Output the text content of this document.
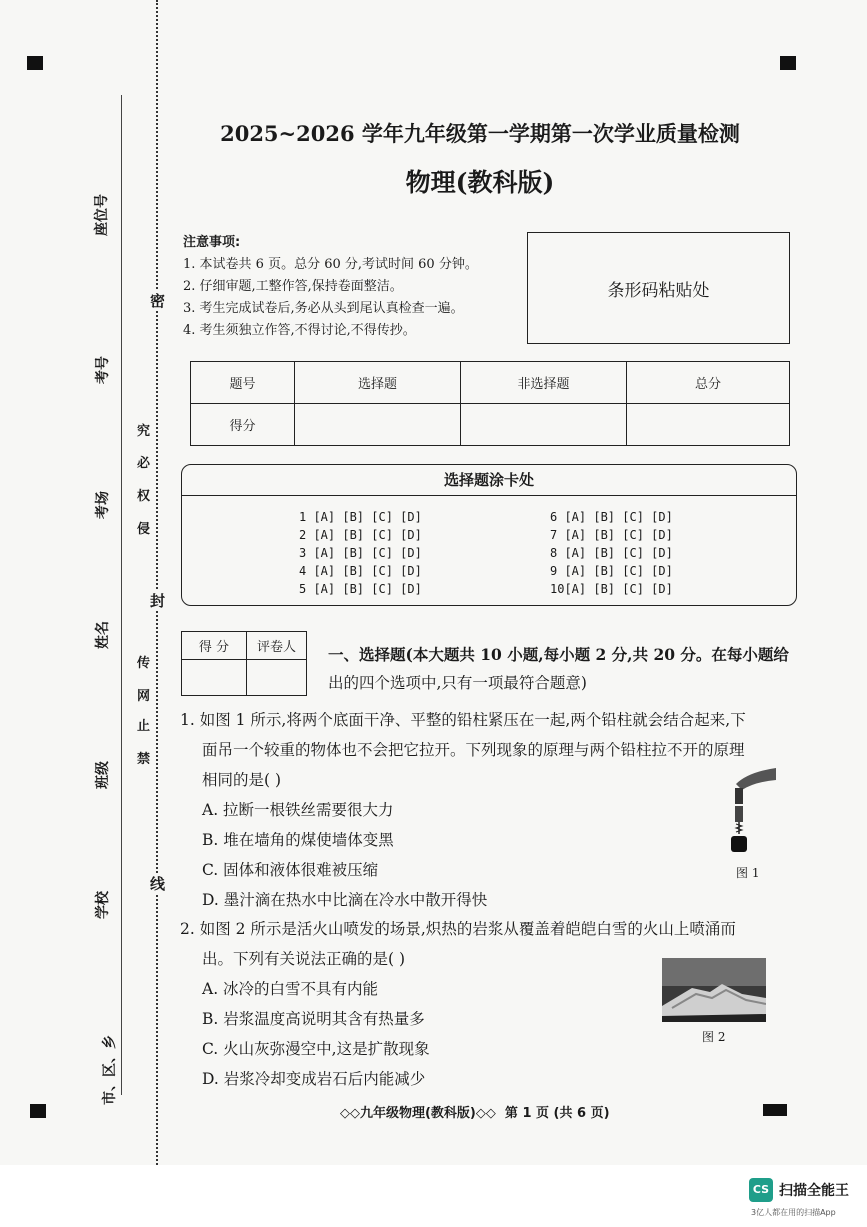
座位号
考号
考场
姓名
班级
学校
市、区、乡
密
封
线
禁
止
网
传
侵
权
必
究
2025~2026 学年九年级第一学期第一次学业质量检测
物理(教科版)
注意事项:
1. 本试卷共 6 页。总分 60 分,考试时间 60 分钟。
2. 仔细审题,工整作答,保持卷面整洁。
3. 考生完成试卷后,务必从头到尾认真检查一遍。
4. 考生须独立作答,不得讨论,不得传抄。
条形码粘贴处
题号	选择题	非选择题	总分
得分			
选择题涂卡处
1 [A] [B] [C] [D]
2 [A] [B] [C] [D]
3 [A] [B] [C] [D]
4 [A] [B] [C] [D]
5 [A] [B] [C] [D]
6 [A] [B] [C] [D]
7 [A] [B] [C] [D]
8 [A] [B] [C] [D]
9 [A] [B] [C] [D]
10[A] [B] [C] [D]
得 分	评卷人
	一、选择题(本大题共 10 小题,每小题 2 分,共 20 分。在每小题给
出的四个选项中,只有一项最符合题意)
1. 如图 1 所示,将两个底面干净、平整的铅柱紧压在一起,两个铅柱就会结合起来,下
面吊一个较重的物体也不会把它拉开。下列现象的原理与两个铅柱拉不开的原理
相同的是( )
A. 拉断一根铁丝需要很大力
B. 堆在墙角的煤使墙体变黑
C. 固体和液体很难被压缩
D. 墨汁滴在热水中比滴在冷水中散开得快
图 1
2. 如图 2 所示是活火山喷发的场景,炽热的岩浆从覆盖着皑皑白雪的火山上喷涌而
出。下列有关说法正确的是( )
A. 冰冷的白雪不具有内能
B. 岩浆温度高说明其含有热量多
C. 火山灰弥漫空中,这是扩散现象
D. 岩浆冷却变成岩石后内能减少
图 2
◇◇九年级物理(教科版)◇◇  第 1 页 (共 6 页)
CS 扫描全能王
3亿人都在用的扫描App
